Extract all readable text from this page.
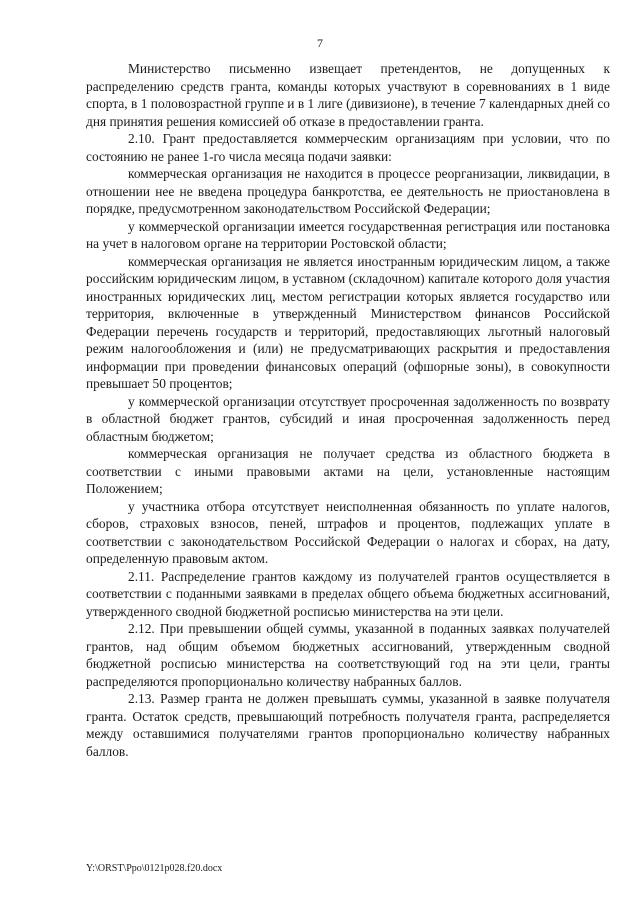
7

Министерство письменно извещает претендентов, не допущенных к распределению средств гранта, команды которых участвуют в соревнованиях в 1 виде спорта, в 1 половозрастной группе и в 1 лиге (дивизионе), в течение 7 календарных дней со дня принятия решения комиссией об отказе в предоставлении гранта.

2.10. Грант предоставляется коммерческим организациям при условии, что по состоянию не ранее 1-го числа месяца подачи заявки:

коммерческая организация не находится в процессе реорганизации, ликвидации, в отношении нее не введена процедура банкротства, ее деятельность не приостановлена в порядке, предусмотренном законодательством Российской Федерации;

у коммерческой организации имеется государственная регистрация или постановка на учет в налоговом органе на территории Ростовской области;

коммерческая организация не является иностранным юридическим лицом, а также российским юридическим лицом, в уставном (складочном) капитале которого доля участия иностранных юридических лиц, местом регистрации которых является государство или территория, включенные в утвержденный Министерством финансов Российской Федерации перечень государств и территорий, предоставляющих льготный налоговый режим налогообложения и (или) не предусматривающих раскрытия и предоставления информации при проведении финансовых операций (офшорные зоны), в совокупности превышает 50 процентов;

у коммерческой организации отсутствует просроченная задолженность по возврату в областной бюджет грантов, субсидий и иная просроченная задолженность перед областным бюджетом;

коммерческая организация не получает средства из областного бюджета в соответствии с иными правовыми актами на цели, установленные настоящим Положением;

у участника отбора отсутствует неисполненная обязанность по уплате налогов, сборов, страховых взносов, пеней, штрафов и процентов, подлежащих уплате в соответствии с законодательством Российской Федерации о налогах и сборах, на дату, определенную правовым актом.

2.11. Распределение грантов каждому из получателей грантов осуществляется в соответствии с поданными заявками в пределах общего объема бюджетных ассигнований, утвержденного сводной бюджетной росписью министерства на эти цели.

2.12. При превышении общей суммы, указанной в поданных заявках получателей грантов, над общим объемом бюджетных ассигнований, утвержденным сводной бюджетной росписью министерства на соответствующий год на эти цели, гранты распределяются пропорционально количеству набранных баллов.

2.13. Размер гранта не должен превышать суммы, указанной в заявке получателя гранта. Остаток средств, превышающий потребность получателя гранта, распределяется между оставшимися получателями грантов пропорционально количеству набранных баллов.

Y:\ORST\Ppo\0121p028.f20.docx
